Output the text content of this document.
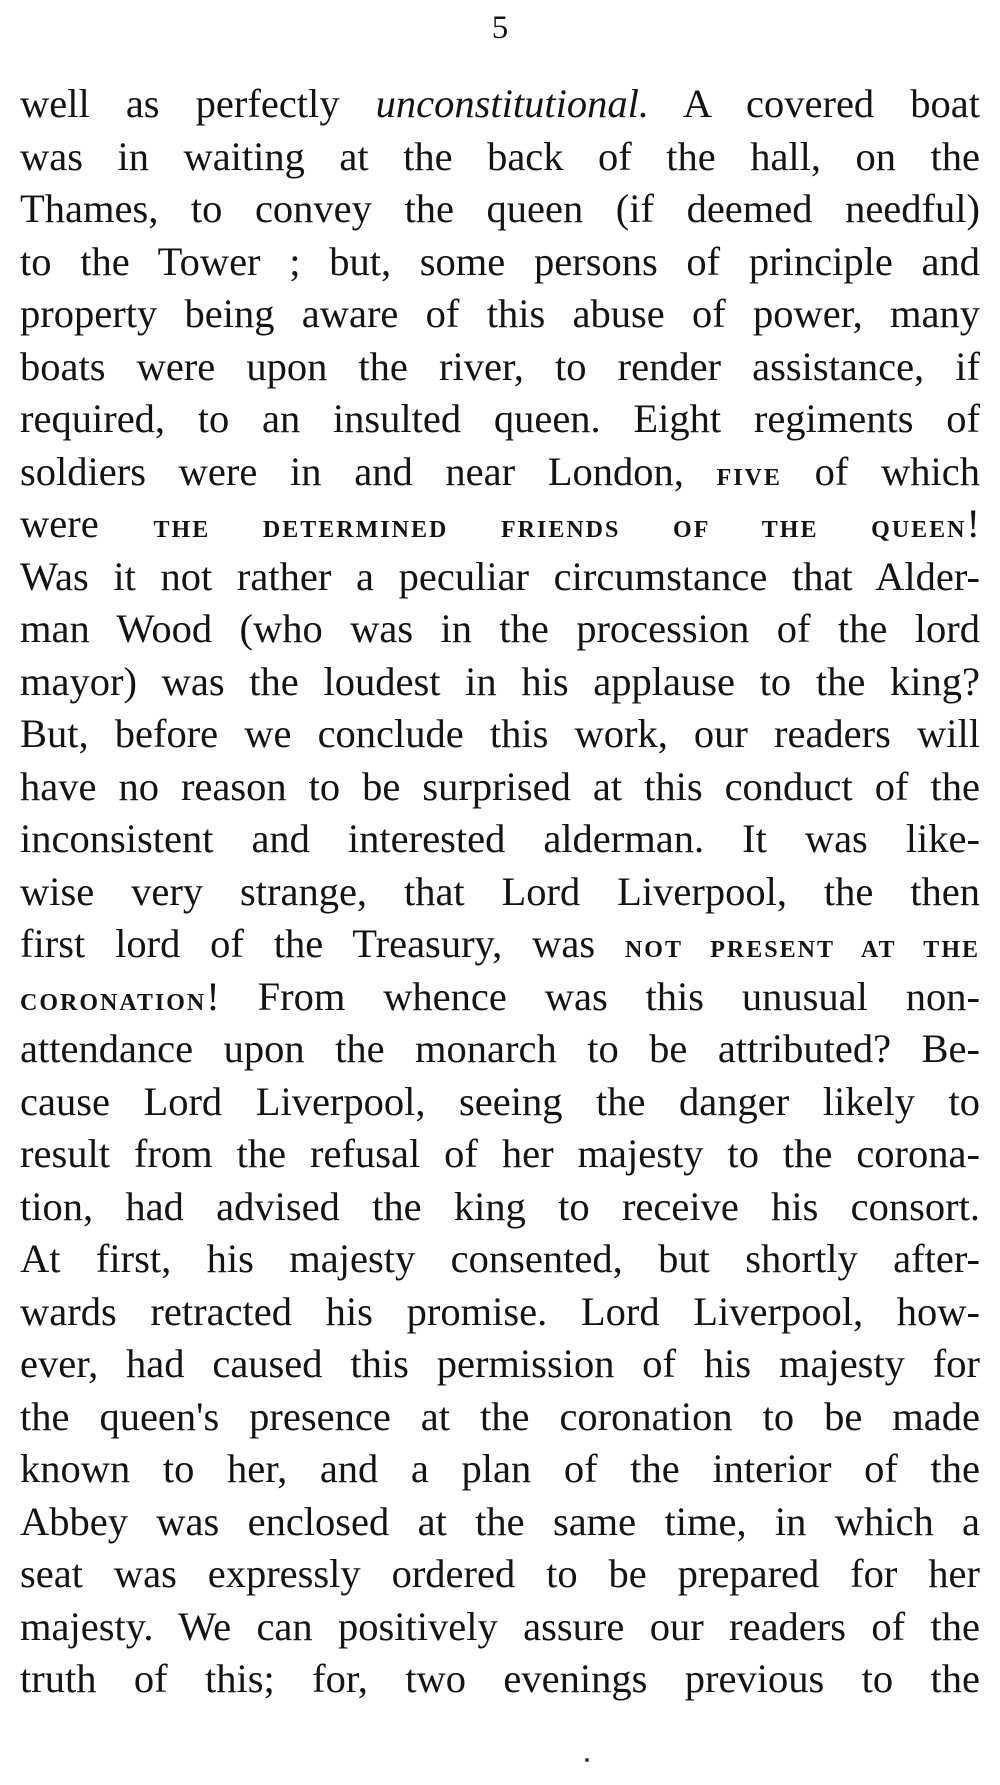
5
well as perfectly unconstitutional. A covered boat
was in waiting at the back of the hall, on the
Thames, to convey the queen (if deemed needful)
to the Tower ; but, some persons of principle and
property being aware of this abuse of power, many
boats were upon the river, to render assistance, if
required, to an insulted queen. Eight regiments of
soldiers were in and near London, FIVE of which
were THE DETERMINED FRIENDS OF THE QUEEN!
Was it not rather a peculiar circumstance that Alder-
man Wood (who was in the procession of the lord
mayor) was the loudest in his applause to the king?
But, before we conclude this work, our readers will
have no reason to be surprised at this conduct of the
inconsistent and interested alderman. It was like-
wise very strange, that Lord Liverpool, the then
first lord of the Treasury, was NOT PRESENT AT THE
CORONATION! From whence was this unusual non-
attendance upon the monarch to be attributed? Be-
cause Lord Liverpool, seeing the danger likely to
result from the refusal of her majesty to the corona-
tion, had advised the king to receive his consort.
At first, his majesty consented, but shortly after-
wards retracted his promise. Lord Liverpool, how-
ever, had caused this permission of his majesty for
the queen's presence at the coronation to be made
known to her, and a plan of the interior of the
Abbey was enclosed at the same time, in which a
seat was expressly ordered to be prepared for her
majesty. We can positively assure our readers of the
truth of this; for, two evenings previous to the
